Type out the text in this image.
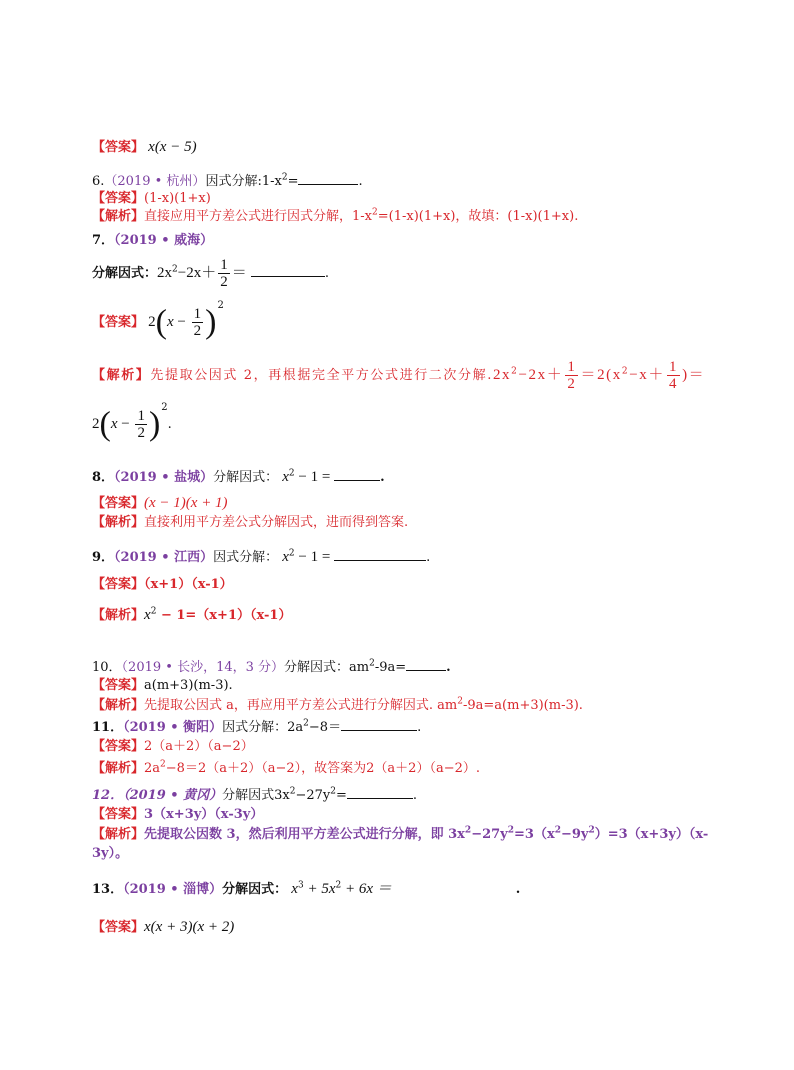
【答案】 x(x − 5)
6.（2019 • 杭州）因式分解$:1-x^2=$	.
【答案】(1-x)(1+x)
【解析】直接应用平方差公式进行因式分解，$1-x^2=(1-x)(1+x)$，故填：(1-x)(1+x).
7．（2019 • 威海）
分解因式：$2x^2-2x+ \frac{1}{2}$ ＝	.
【答案】 $2(x - \frac{1}{2} )^2$
【解析】先提取公因式 2，再根据完全平方公式进行二次分解$.2x^2-2x+ \frac{1}{2} =2(x^2-x+ \frac{1}{4}$ )＝
$2(x - \frac{1}{2} )^2$.
8．（2019 • 盐城）分解因式： $x^2 - 1$ =	.
【答案】(x − 1)(x + 1)
【解析】直接利用平方差公式分解因式，进而得到答案.
9．（2019 • 江西）因式分解： $x^2 - 1$ =	.
【答案】（x+1）（x-1）
【解析】$x^2 - 1=(x+1)(x-1)$
10．（2019 • 长沙，14，3 分）分解因式：$am^2-9a=$	.
【答案】a(m+3)(m-3).
【解析】先提取公因式 a，再应用平方差公式进行分解因式. $am^2-9a=a(m+3)(m-3)$.
11．（2019 • 衡阳）因式分解：$2a^2-8=$	.
【答案】2（a＋2）（a−2）
【解析】$2a^2-8=2(a+2)(a-2)$，故答案为2（a＋2）（a−2）.
12．（2019 • 黄冈）分解因式$3x^2-27y^2=$	.
【答案】3（x+3y）（x-3y）
【解析】先提取公因数 3，然后利用平方差公式进行分解，即 $3x^2-27y^2=3(x^2-9y^2)=3(x+3y)(x-$
3y）。
13．（2019 • 淄博）分解因式： $x^3 + 5x^2 + 6x$ ＝	.
【答案】x(x + 3)(x + 2)
